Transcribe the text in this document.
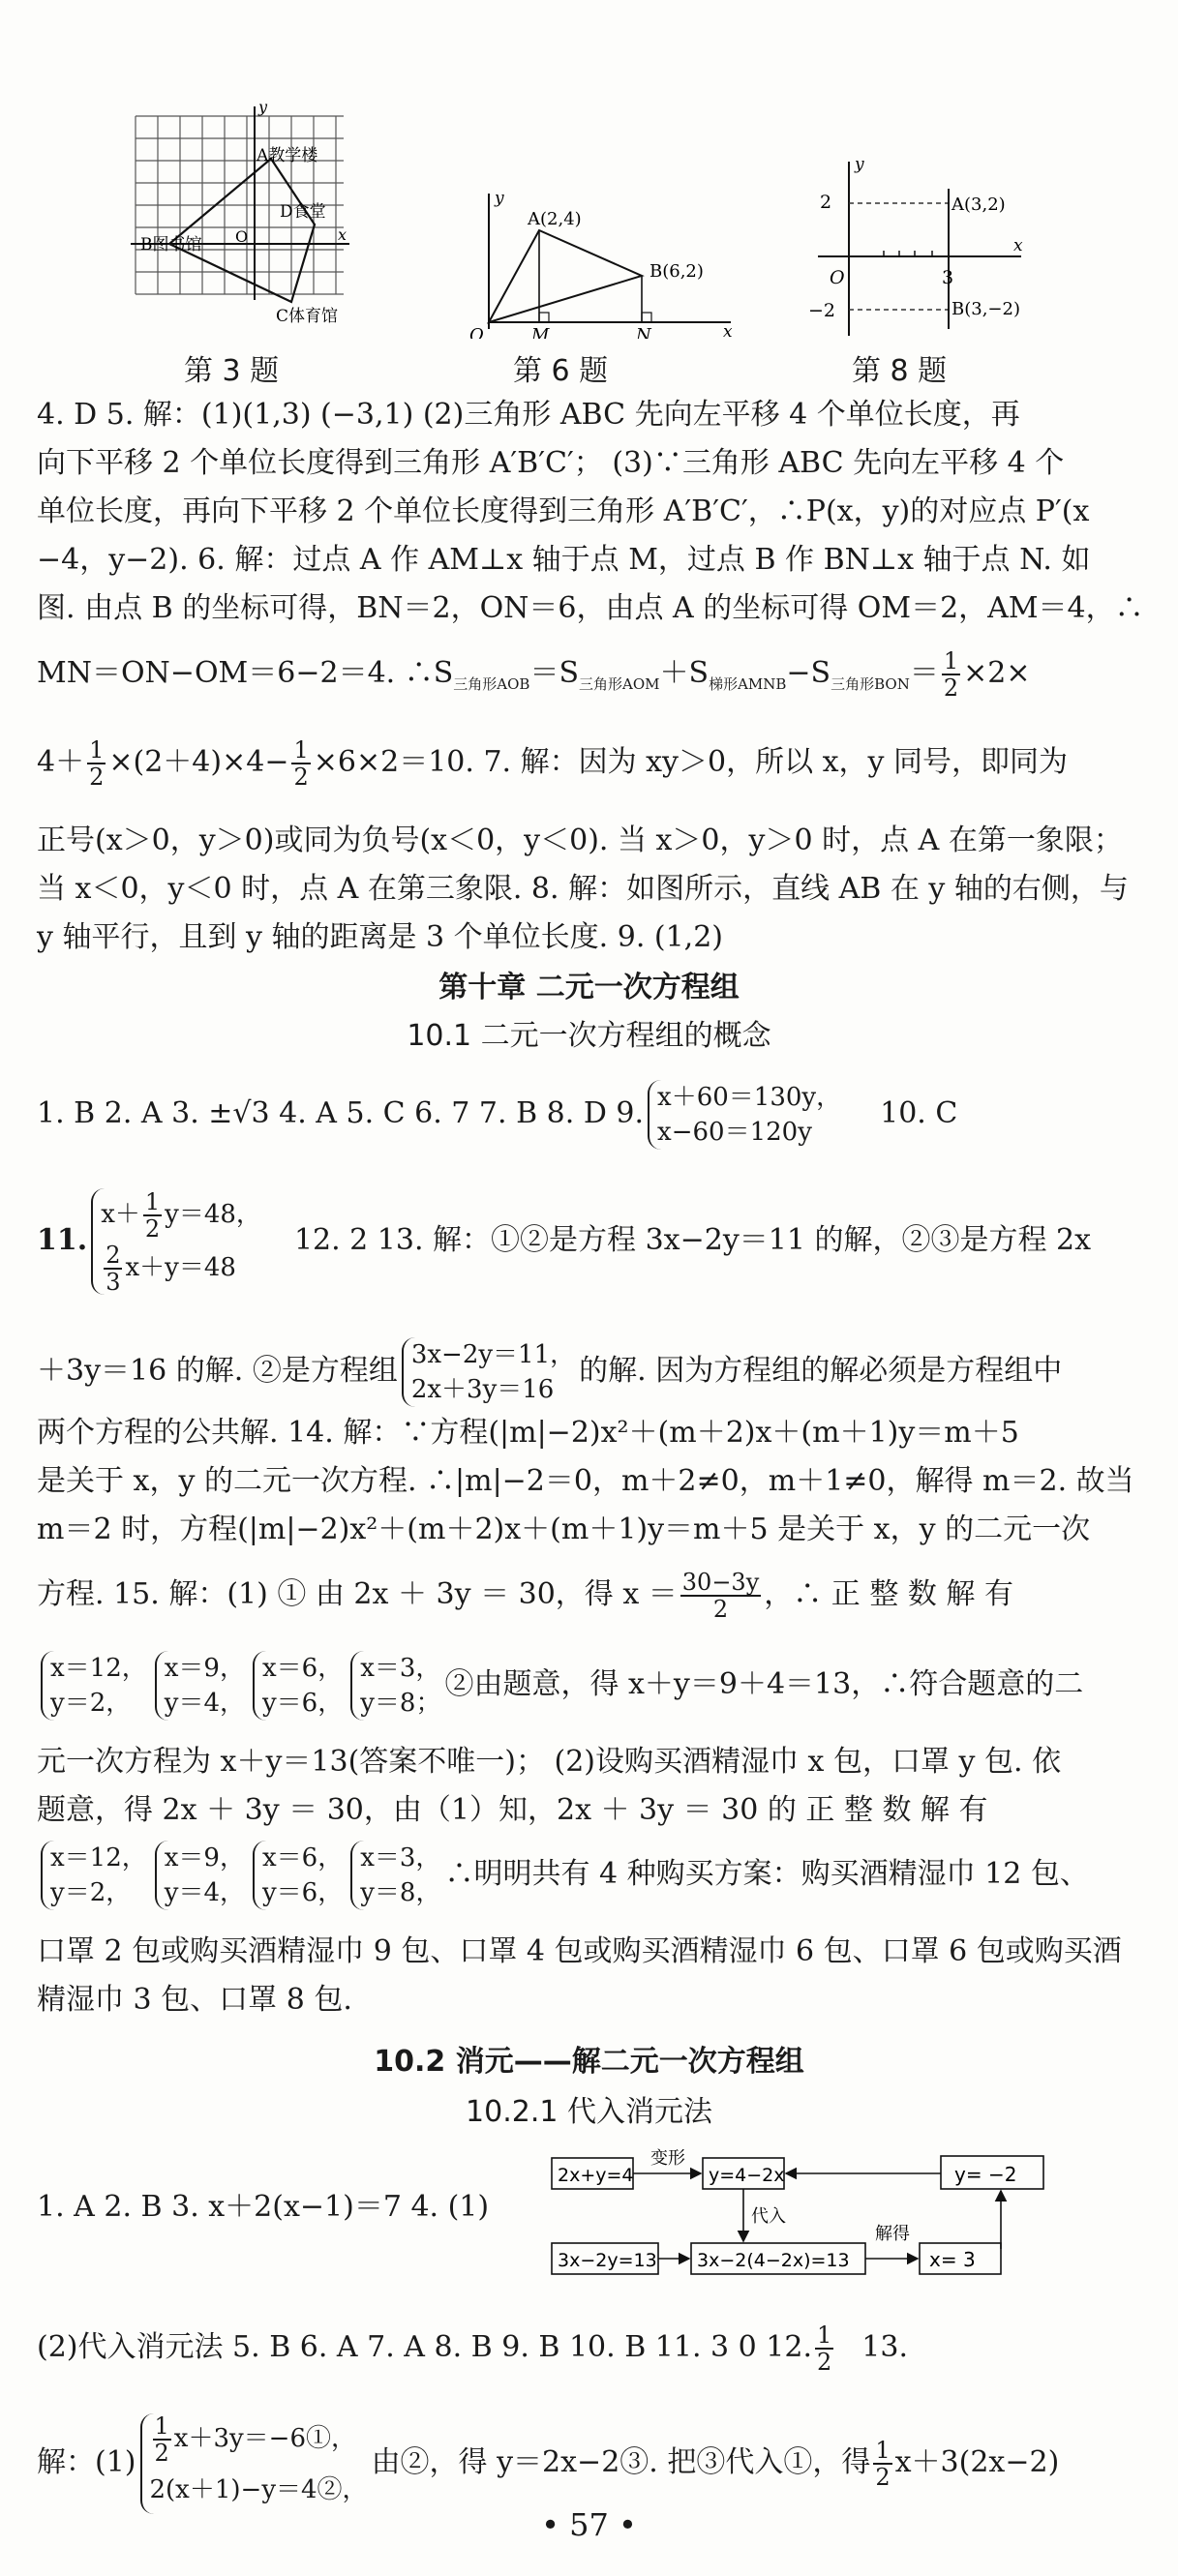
y
x
O
A教学楼
D食堂
B图书馆
C体育馆
第 3 题
y
x
O	M	N
A(2,4)
B(6,2)
第 6 题
y
x
2
−2
O	3
A(3,2)
B(3,−2)
第 8 题
4. D 5. 解：(1)(1,3) (−3,1) (2)三角形 ABC 先向左平移 4 个单位长度，再
向下平移 2 个单位长度得到三角形 A′B′C′； (3)∵三角形 ABC 先向左平移 4 个
单位长度，再向下平移 2 个单位长度得到三角形 A′B′C′，∴P(x，y)的对应点 P′(x
−4，y−2). 6. 解：过点 A 作 AM⊥x 轴于点 M，过点 B 作 BN⊥x 轴于点 N. 如
图. 由点 B 的坐标可得，BN＝2，ON＝6，由点 A 的坐标可得 OM＝2，AM＝4，∴
MN＝ON−OM＝6−2＝4. $\therefore S_{三角形AOB}=S_{三角形AOM}+S_{梯形AMNB}-S_{三角形BON}= \frac{1}{2} \times 2\times$
$4+ \frac{1}{2} \times(2+4)\times 4- \frac{1}{2} \times 6\times 2=10$. 7. 解：因为 xy＞0，所以 x，y 同号，即同为
正号(x＞0，y＞0)或同为负号(x＜0，y＜0). 当 x＞0，y＞0 时，点 A 在第一象限；
当 x＜0，y＜0 时，点 A 在第三象限. 8. 解：如图所示，直线 AB 在 y 轴的右侧，与
y 轴平行，且到 y 轴的距离是 3 个单位长度. 9. (1,2)
第十章 二元一次方程组
10.1 二元一次方程组的概念
1. B 2. A 3. ±√3 4. A 5. C 6. 7 7. B 8. D 9. x＋60＝130y，
x−60＝120y
10. C
11.
$x+ \frac{1}{2} y=48$，
$\frac{2}{3} x+y=48$
12. 2 13. 解：①②是方程 3x−2y＝11 的解，②③是方程 2x
＋3y＝16 的解. ②是方程组 3x−2y＝11，
2x＋3y＝16
的解. 因为方程组的解必须是方程组中
两个方程的公共解. 14. 解：∵方程(|m|−2)x²＋(m＋2)x＋(m＋1)y＝m＋5
是关于 x，y 的二元一次方程. ∴|m|−2＝0，m＋2≠0，m＋1≠0，解得 m＝2. 故当
m＝2 时，方程(|m|−2)x²＋(m＋2)x＋(m＋1)y＝m＋5 是关于 x，y 的二元一次
方程. 15. 解：(1) ① 由 2x ＋ 3y ＝ 30，得 $x = \frac{30-3y}{2}$ ，∴ 正 整 数 解 有
x＝12，
y＝2，
x＝9，
y＝4，
x＝6，
y＝6，
x＝3，
y＝8；
②由题意，得 x＋y＝9＋4＝13，∴符合题意的二
元一次方程为 x＋y＝13(答案不唯一)； (2)设购买酒精湿巾 x 包，口罩 y 包. 依
题意，得 2x ＋ 3y ＝ 30，由（1）知，2x ＋ 3y ＝ 30 的 正 整 数 解 有
x＝12，
y＝2，
x＝9，
y＝4，
x＝6，
y＝6，
x＝3，
y＝8，
∴明明共有 4 种购买方案：购买酒精湿巾 12 包、
口罩 2 包或购买酒精湿巾 9 包、口罩 4 包或购买酒精湿巾 6 包、口罩 6 包或购买酒
精湿巾 3 包、口罩 8 包.
10.2 消元——解二元一次方程组
10.2.1 代入消元法
1. A 2. B 3. x＋2(x−1)＝7 4. (1)
2x+y=4	y=4−2x	y= −2
3x−2y=13 3x−2(4−2x)=13	x= 3
变形
代入
解得
(2)代入消元法 5. B 6. A 7. A 8. B 9. B 10. B 11. 3 0 12. $\frac{1}{2} 13$.
解：$(1) \frac{1}{2}$ x＋3y＝−6①，
2(x＋1)−y＝4②，
由②，得 y＝2x−2③. 把③代入①，得 $\frac{1}{2} x+3(2x-2)$
• 57 •
